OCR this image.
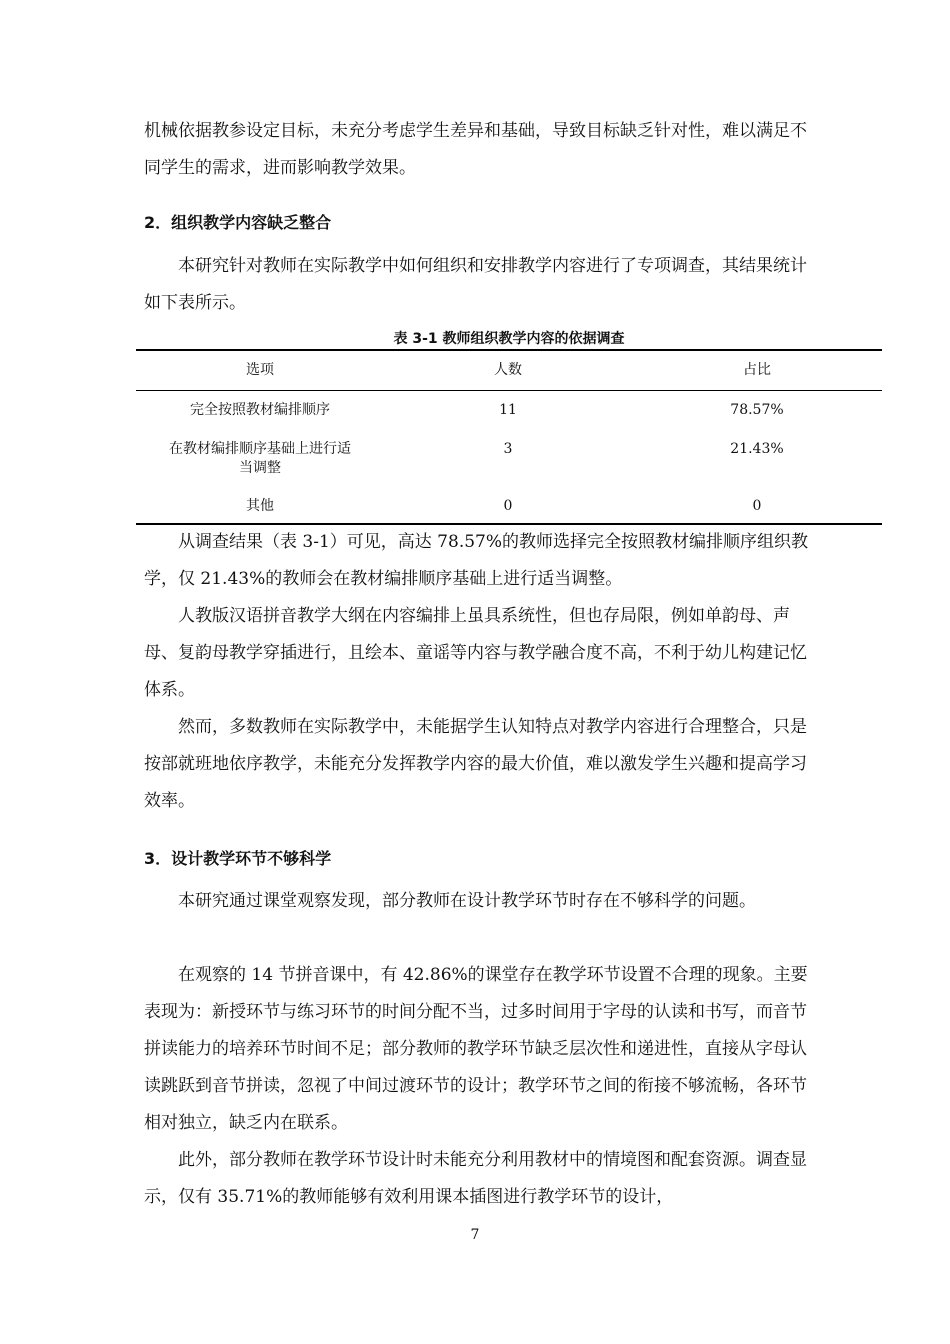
机械依据教参设定目标，未充分考虑学生差异和基础，导致目标缺乏针对性，难以满足不同学生的需求，进而影响教学效果。

2．组织教学内容缺乏整合

本研究针对教师在实际教学中如何组织和安排教学内容进行了专项调查，其结果统计如下表所示。

表 3-1 教师组织教学内容的依据调查

选项	人数	占比
完全按照教材编排顺序	11	78.57%
在教材编排顺序基础上进行适
当调整
3	21.43%
其他	0	0

从调查结果（表 3-1）可见，高达 78.57%的教师选择完全按照教材编排顺序组织教学，仅 21.43%的教师会在教材编排顺序基础上进行适当调整。

人教版汉语拼音教学大纲在内容编排上虽具系统性，但也存局限，例如单韵母、声母、复韵母教学穿插进行，且绘本、童谣等内容与教学融合度不高，不利于幼儿构建记忆体系。

然而，多数教师在实际教学中，未能据学生认知特点对教学内容进行合理整合，只是按部就班地依序教学，未能充分发挥教学内容的最大价值，难以激发学生兴趣和提高学习效率。

3．设计教学环节不够科学

本研究通过课堂观察发现，部分教师在设计教学环节时存在不够科学的问题。

在观察的 14 节拼音课中，有 42.86%的课堂存在教学环节设置不合理的现象。主要表现为：新授环节与练习环节的时间分配不当，过多时间用于字母的认读和书写，而音节拼读能力的培养环节时间不足；部分教师的教学环节缺乏层次性和递进性，直接从字母认读跳跃到音节拼读，忽视了中间过渡环节的设计；教学环节之间的衔接不够流畅，各环节相对独立，缺乏内在联系。

此外，部分教师在教学环节设计时未能充分利用教材中的情境图和配套资源。调查显示，仅有 35.71%的教师能够有效利用课本插图进行教学环节的设计，

7
